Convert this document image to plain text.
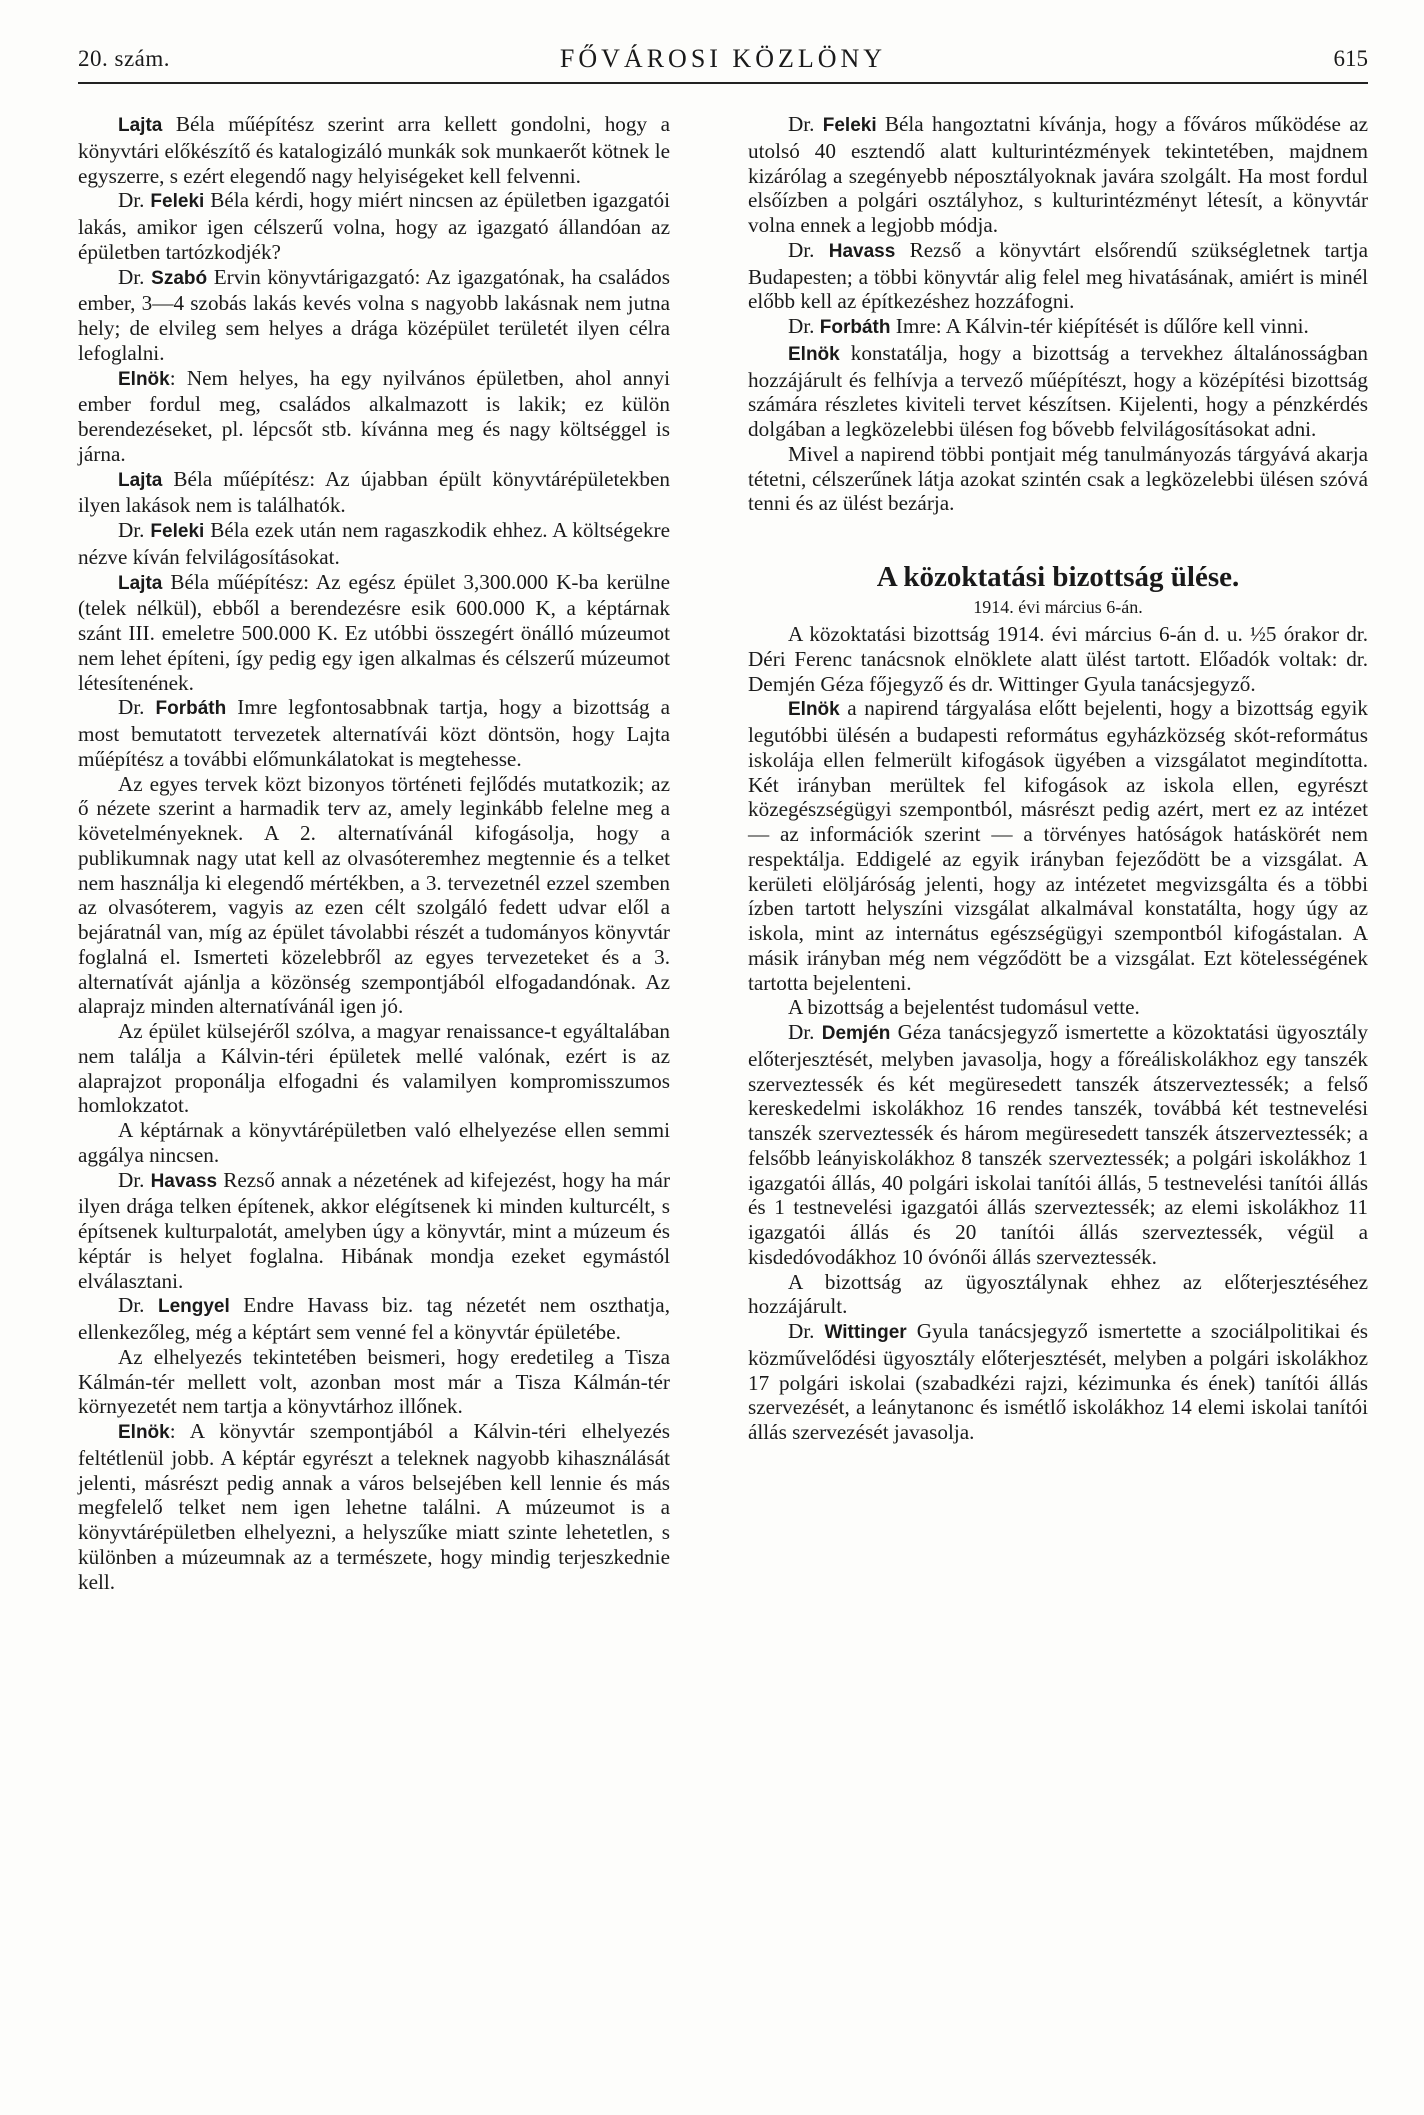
20. szám.	FŐVÁROSI KÖZLÖNY	615

Lajta Béla műépítész szerint arra kellett gondolni, hogy a könyvtári előkészítő és katalogizáló munkák sok munkaerőt kötnek le egyszerre, s ezért elegendő nagy helyiségeket kell felvenni.

Dr. Feleki Béla kérdi, hogy miért nincsen az épületben igazgatói lakás, amikor igen célszerű volna, hogy az igazgató állandóan az épületben tartózkodjék?

Dr. Szabó Ervin könyvtárigazgató: Az igazgatónak, ha családos ember, 3—4 szobás lakás kevés volna s nagyobb lakásnak nem jutna hely; de elvileg sem helyes a drága középület területét ilyen célra lefoglalni.

Elnök: Nem helyes, ha egy nyilvános épületben, ahol annyi ember fordul meg, családos alkalmazott is lakik; ez külön berendezéseket, pl. lépcsőt stb. kívánna meg és nagy költséggel is járna.

Lajta Béla műépítész: Az újabban épült könyvtárépületekben ilyen lakások nem is találhatók.

Dr. Feleki Béla ezek után nem ragaszkodik ehhez. A költségekre nézve kíván felvilágosításokat.

Lajta Béla műépítész: Az egész épület 3,300.000 K-ba kerülne (telek nélkül), ebből a berendezésre esik 600.000 K, a képtárnak szánt III. emeletre 500.000 K. Ez utóbbi összegért önálló múzeumot nem lehet építeni, így pedig egy igen alkalmas és célszerű múzeumot létesítenének.

Dr. Forbáth Imre legfontosabbnak tartja, hogy a bizottság a most bemutatott tervezetek alternatívái közt döntsön, hogy Lajta műépítész a további előmunkálatokat is megtehesse.

Az egyes tervek közt bizonyos történeti fejlődés mutatkozik; az ő nézete szerint a harmadik terv az, amely leginkább felelne meg a követelményeknek. A 2. alternatívánál kifogásolja, hogy a publikumnak nagy utat kell az olvasóteremhez megtennie és a telket nem használja ki elegendő mértékben, a 3. tervezetnél ezzel szemben az olvasóterem, vagyis az ezen célt szolgáló fedett udvar elől a bejáratnál van, míg az épület távolabbi részét a tudományos könyvtár foglalná el. Ismerteti közelebbről az egyes tervezeteket és a 3. alternatívát ajánlja a közönség szempontjából elfogadandónak. Az alaprajz minden alternatívánál igen jó.

Az épület külsejéről szólva, a magyar renaissance-t egyáltalában nem találja a Kálvin-téri épületek mellé valónak, ezért is az alaprajzot proponálja elfogadni és valamilyen kompromisszumos homlokzatot.

A képtárnak a könyvtárépületben való elhelyezése ellen semmi aggálya nincsen.

Dr. Havass Rezső annak a nézetének ad kifejezést, hogy ha már ilyen drága telken építenek, akkor elégítsenek ki minden kulturcélt, s építsenek kulturpalotát, amelyben úgy a könyvtár, mint a múzeum és képtár is helyet foglalna. Hibának mondja ezeket egymástól elválasztani.

Dr. Lengyel Endre Havass biz. tag nézetét nem oszthatja, ellenkezőleg, még a képtárt sem venné fel a könyvtár épületébe.

Az elhelyezés tekintetében beismeri, hogy eredetileg a Tisza Kálmán-tér mellett volt, azonban most már a Tisza Kálmán-tér környezetét nem tartja a könyvtárhoz illőnek.

Elnök: A könyvtár szempontjából a Kálvin-téri elhelyezés feltétlenül jobb. A képtár egyrészt a teleknek nagyobb kihasználását jelenti, másrészt pedig annak a város belsejében kell lennie és más megfelelő telket nem igen lehetne találni. A múzeumot is a könyvtárépületben elhelyezni, a helyszűke miatt szinte lehetetlen, s különben a múzeumnak az a természete, hogy mindig terjeszkednie kell.

Dr. Feleki Béla hangoztatni kívánja, hogy a főváros működése az utolsó 40 esztendő alatt kulturintézmények tekintetében, majdnem kizárólag a szegényebb néposztályoknak javára szolgált. Ha most fordul elsőízben a polgári osztályhoz, s kulturintézményt létesít, a könyvtár volna ennek a legjobb módja.

Dr. Havass Rezső a könyvtárt elsőrendű szükségletnek tartja Budapesten; a többi könyvtár alig felel meg hivatásának, amiért is minél előbb kell az építkezéshez hozzáfogni.

Dr. Forbáth Imre: A Kálvin-tér kiépítését is dűlőre kell vinni.

Elnök konstatálja, hogy a bizottság a tervekhez általánosságban hozzájárult és felhívja a tervező műépítészt, hogy a középítési bizottság számára részletes kiviteli tervet készítsen. Kijelenti, hogy a pénzkérdés dolgában a legközelebbi ülésen fog bővebb felvilágosításokat adni.

Mivel a napirend többi pontjait még tanulmányozás tárgyává akarja tétetni, célszerűnek látja azokat szintén csak a legközelebbi ülésen szóvá tenni és az ülést bezárja.

A közoktatási bizottság ülése.
1914. évi március 6-án.

A közoktatási bizottság 1914. évi március 6-án d. u. ½5 órakor dr. Déri Ferenc tanácsnok elnöklete alatt ülést tartott. Előadók voltak: dr. Demjén Géza főjegyző és dr. Wittinger Gyula tanácsjegyző.

Elnök a napirend tárgyalása előtt bejelenti, hogy a bizottság egyik legutóbbi ülésén a budapesti református egyházközség skót-református iskolája ellen felmerült kifogások ügyében a vizsgálatot megindította. Két irányban merültek fel kifogások az iskola ellen, egyrészt közegészségügyi szempontból, másrészt pedig azért, mert ez az intézet — az információk szerint — a törvényes hatóságok hatáskörét nem respektálja. Eddigelé az egyik irányban fejeződött be a vizsgálat. A kerületi elöljáróság jelenti, hogy az intézetet megvizsgálta és a többi ízben tartott helyszíni vizsgálat alkalmával konstatálta, hogy úgy az iskola, mint az internátus egészségügyi szempontból kifogástalan. A másik irányban még nem végződött be a vizsgálat. Ezt kötelességének tartotta bejelenteni.

A bizottság a bejelentést tudomásul vette.

Dr. Demjén Géza tanácsjegyző ismertette a közoktatási ügyosztály előterjesztését, melyben javasolja, hogy a főreáliskolákhoz egy tanszék szerveztessék és két megüresedett tanszék átszerveztessék; a felső kereskedelmi iskolákhoz 16 rendes tanszék, továbbá két testnevelési tanszék szerveztessék és három megüresedett tanszék átszerveztessék; a felsőbb leányiskolákhoz 8 tanszék szerveztessék; a polgári iskolákhoz 1 igazgatói állás, 40 polgári iskolai tanítói állás, 5 testnevelési tanítói állás és 1 testnevelési igazgatói állás szerveztessék; az elemi iskolákhoz 11 igazgatói állás és 20 tanítói állás szerveztessék, végül a kisdedóvodákhoz 10 óvónői állás szerveztessék.

A bizottság az ügyosztálynak ehhez az előterjesztéséhez hozzájárult.

Dr. Wittinger Gyula tanácsjegyző ismertette a szociálpolitikai és közművelődési ügyosztály előterjesztését, melyben a polgári iskolákhoz 17 polgári iskolai (szabadkézi rajzi, kézimunka és ének) tanítói állás szervezését, a leánytanonc és ismétlő iskolákhoz 14 elemi iskolai tanítói állás szervezését javasolja.
